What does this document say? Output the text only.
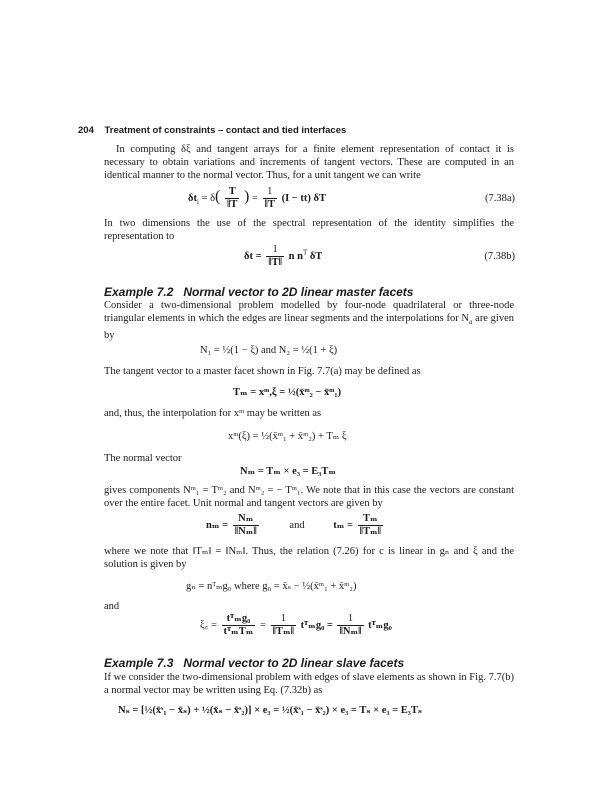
204 Treatment of constraints – contact and tied interfaces
In computing δξ and tangent arrays for a finite element representation of contact it is necessary to obtain variations and increments of tangent vectors. These are computed in an identical manner to the normal vector. Thus, for a unit tangent we can write
$\delta t_i = \delta( \frac{T}{‖T}$ ) = $\frac{1}{‖T} (I - tt)$ δT	(7.38a)
In two dimensions the use of the spectral representation of the identity simplifies the representation to
$\delta t = \frac{1}{‖T‖}$ n $n^T$ δT	(7.38b)
Example 7.2 Normal vector to 2D linear master facets
Consider a two-dimensional problem modelled by four-node quadrilateral or three-node triangular elements in which the edges are linear segments and the interpolations for $N_a$ are given by
N₁ = ½(1 − ξ) and N₂ = ½(1 + ξ)
The tangent vector to a master facet shown in Fig. 7.7(a) may be defined as
Tₘ = xᵐ,ξ = ½(x̄ᵐ₂ − x̄ᵐ₁)
and, thus, the interpolation for xᵐ may be written as
xᵐ(ξ) = ½(x̄ᵐ₁ + x̄ᵐ₂) + Tₘ ξ
The normal vector
Nₘ = Tₘ × e₃ = E₃Tₘ
gives components Nᵐ₁ = Tᵐ₂ and Nᵐ₂ = − Tᵐ₁. We note that in this case the vectors are constant over the entire facet. Unit normal and tangent vectors are given by
$n_m = \frac{\text{Nₘ}}{\text{‖Nₘ‖}}$	and	$t_m = \frac{\text{Tₘ}}{\text{‖Tₘ‖}}$
where we note that ‖Tₘ‖ = ‖Nₘ‖. Thus, the relation (7.26) for c is linear in gₙ and ξ and the solution is given by
gₙ = nᵀₘg₀ where g₀ = x̄ₛ − ½(x̄ᵐ₁ + x̄ᵐ₂)
and
ξ꜀ = $\frac{\text{tᵀₘg₀}}{\text{tᵀₘTₘ}} = \frac{1}{\text{‖Tₘ‖}}$ tᵀₘg₀ = $\frac{1}{\text{‖Nₘ‖}}$ tᵀₘg₀
Example 7.3 Normal vector to 2D linear slave facets
If we consider the two-dimensional problem with edges of slave elements as shown in Fig. 7.7(b) a normal vector may be written using Eq. (7.32b) as
Nₛ = [½(x̄ˢ₁ − x̄ₛ) + ½(x̄ₛ − x̄ˢ₂)] × e₃ = ½(x̄ˢ₁ − x̄ˢ₂) × e₃ = Tₛ × e₃ = E₃Tₛ
